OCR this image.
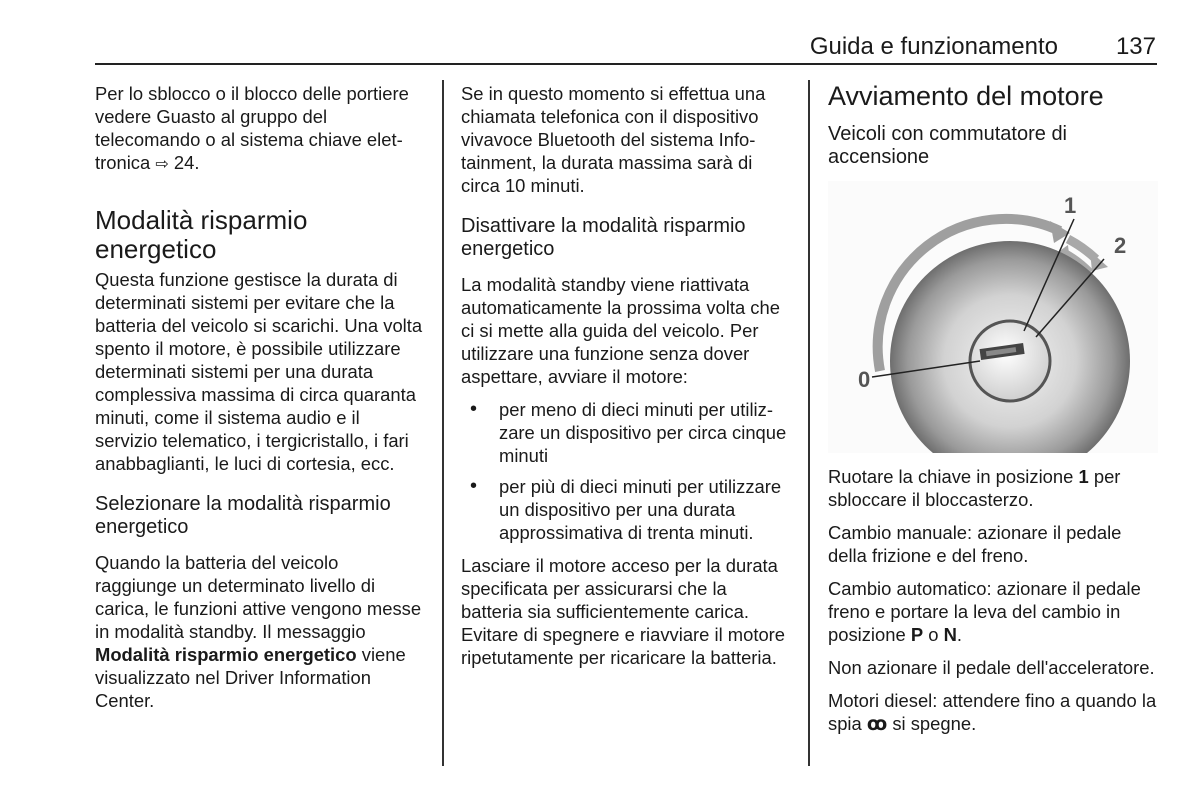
Guida e funzionamento 137

Per lo sblocco o il blocco delle portiere vedere Guasto al gruppo del telecomando o al sistema chiave elettronica ⇨ 24.

Modalità risparmio energetico

Questa funzione gestisce la durata di determinati sistemi per evitare che la batteria del veicolo si scarichi. Una volta spento il motore, è possibile utilizzare determinati sistemi per una durata complessiva massima di circa quaranta minuti, come il sistema audio e il servizio telematico, i tergicristallo, i fari anabbaglianti, le luci di cortesia, ecc.

Selezionare la modalità risparmio energetico

Quando la batteria del veicolo raggiunge un determinato livello di carica, le funzioni attive vengono messe in modalità standby. Il messaggio Modalità risparmio energetico viene visualizzato nel Driver Information Center.

Se in questo momento si effettua una chiamata telefonica con il dispositivo vivavoce Bluetooth del sistema Infotainment, la durata massima sarà di circa 10 minuti.

Disattivare la modalità risparmio energetico

La modalità standby viene riattivata automaticamente la prossima volta che ci si mette alla guida del veicolo. Per utilizzare una funzione senza dover aspettare, avviare il motore:

• per meno di dieci minuti per utilizzare un dispositivo per circa cinque minuti
• per più di dieci minuti per utilizzare un dispositivo per una durata approssimativa di trenta minuti.

Lasciare il motore acceso per la durata specificata per assicurarsi che la batteria sia sufficientemente carica. Evitare di spegnere e riavviare il motore ripetutamente per ricaricare la batteria.

Avviamento del motore
Veicoli con commutatore di accensione
0
1
2

Ruotare la chiave in posizione 1 per sbloccare il bloccasterzo.

Cambio manuale: azionare il pedale della frizione e del freno.

Cambio automatico: azionare il pedale freno e portare la leva del cambio in posizione P o N.

Non azionare il pedale dell'acceleratore.

Motori diesel: attendere fino a quando la spia ꝏ si spegne.
